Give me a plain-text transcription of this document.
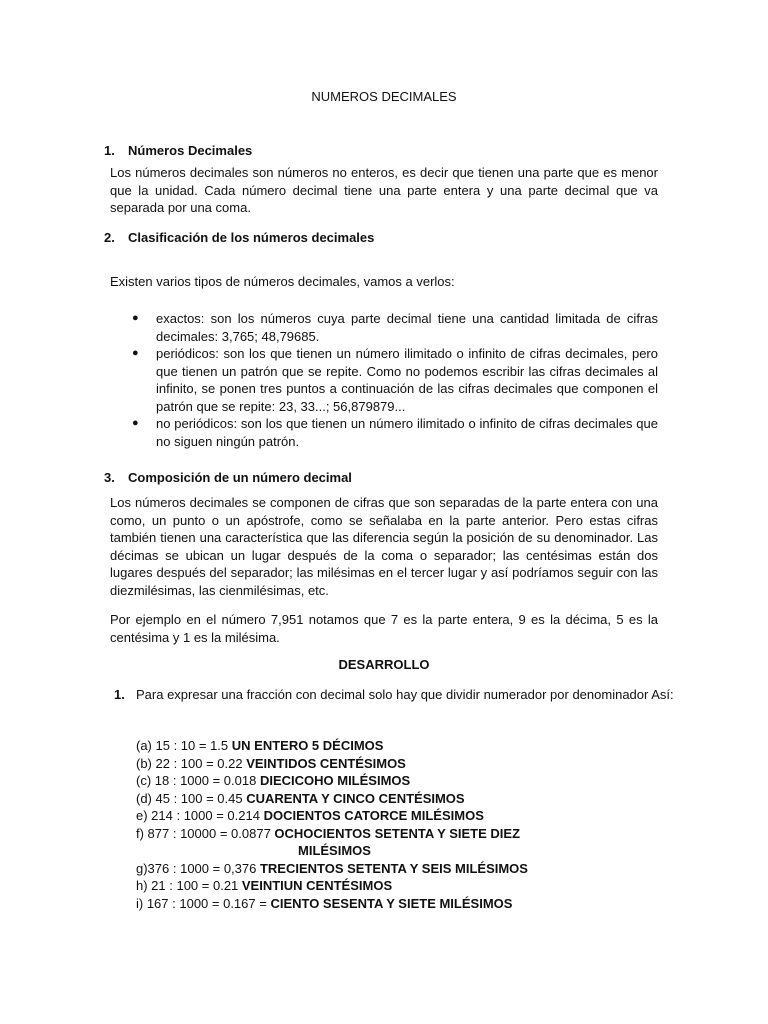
NUMEROS DECIMALES
1. Números Decimales

Los números decimales son números no enteros, es decir que tienen una parte que es menor que la unidad. Cada número decimal tiene una parte entera y una parte decimal que va separada por una coma.

2. Clasificación de los números decimales

Existen varios tipos de números decimales, vamos a verlos:

● exactos: son los números cuya parte decimal tiene una cantidad limitada de cifras decimales: 3,765; 48,79685.
● periódicos: son los que tienen un número ilimitado o infinito de cifras decimales, pero que tienen un patrón que se repite. Como no podemos escribir las cifras decimales al infinito, se ponen tres puntos a continuación de las cifras decimales que componen el patrón que se repite: 23, 33...; 56,879879...
● no periódicos: son los que tienen un número ilimitado o infinito de cifras decimales que no siguen ningún patrón.
3. Composición de un número decimal

Los números decimales se componen de cifras que son separadas de la parte entera con una como, un punto o un apóstrofe, como se señalaba en la parte anterior. Pero estas cifras también tienen una característica que las diferencia según la posición de su denominador. Las décimas se ubican un lugar después de la coma o separador; las centésimas están dos lugares después del separador; las milésimas en el tercer lugar y así podríamos seguir con las diezmilésimas, las cienmilésimas, etc.

Por ejemplo en el número 7,951 notamos que 7 es la parte entera, 9 es la décima, 5 es la centésima y 1 es la milésima.

DESARROLLO
1. Para expresar una fracción con decimal solo hay que dividir numerador por denominador Así:

(a) 15 : 10 = 1.5 UN ENTERO 5 DÉCIMOS
(b) 22 : 100 = 0.22 VEINTIDOS CENTÉSIMOS
(c) 18 : 1000 = 0.018 DIECICOHO MILÉSIMOS
(d) 45 : 100 = 0.45 CUARENTA Y CINCO CENTÉSIMOS
e) 214 : 1000 = 0.214 DOCIENTOS CATORCE MILÉSIMOS
f) 877 : 10000 = 0.0877 OCHOCIENTOS SETENTA Y SIETE DIEZ
MILÉSIMOS
g)376 : 1000 = 0,376 TRECIENTOS SETENTA Y SEIS MILÉSIMOS
h) 21 : 100 = 0.21 VEINTIUN CENTÉSIMOS
i) 167 : 1000 = 0.167 = CIENTO SESENTA Y SIETE MILÉSIMOS
